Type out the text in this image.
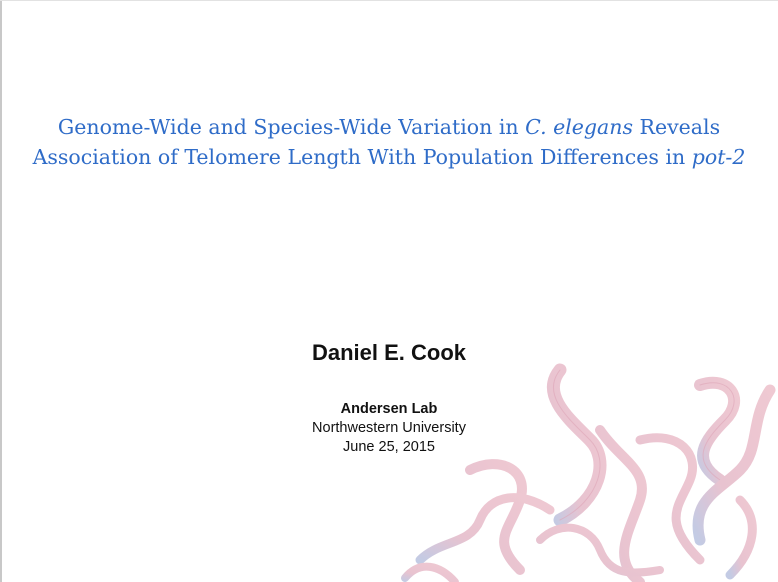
Genome-Wide and Species-Wide Variation in C. elegans Reveals
Association of Telomere Length With Population Differences in pot-2
Daniel E. Cook
Andersen Lab
Northwestern University
June 25, 2015
